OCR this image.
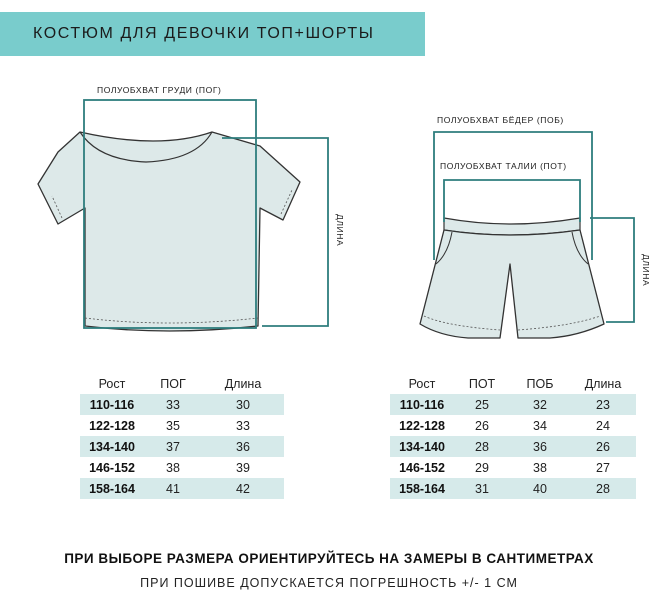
КОСТЮМ ДЛЯ ДЕВОЧКИ ТОП+ШОРТЫ
ПОЛУОБХВАТ ГРУДИ (ПОГ)
ДЛИНА
ПОЛУОБХВАТ БЁДЕР (ПОБ)
ПОЛУОБХВАТ ТАЛИИ (ПОТ)
ДЛИНА
Рост	ПОГ	Длина
110-116	33	30
122-128	35	33
134-140	37	36
146-152	38	39
158-164	41	42
Рост	ПОТ	ПОБ	Длина
110-116	25	32	23
122-128	26	34	24
134-140	28	36	26
146-152	29	38	27
158-164	31	40	28
ПРИ ВЫБОРЕ РАЗМЕРА ОРИЕНТИРУЙТЕСЬ НА ЗАМЕРЫ В САНТИМЕТРАХ
ПРИ ПОШИВЕ ДОПУСКАЕТСЯ ПОГРЕШНОСТЬ +/- 1 СМ
